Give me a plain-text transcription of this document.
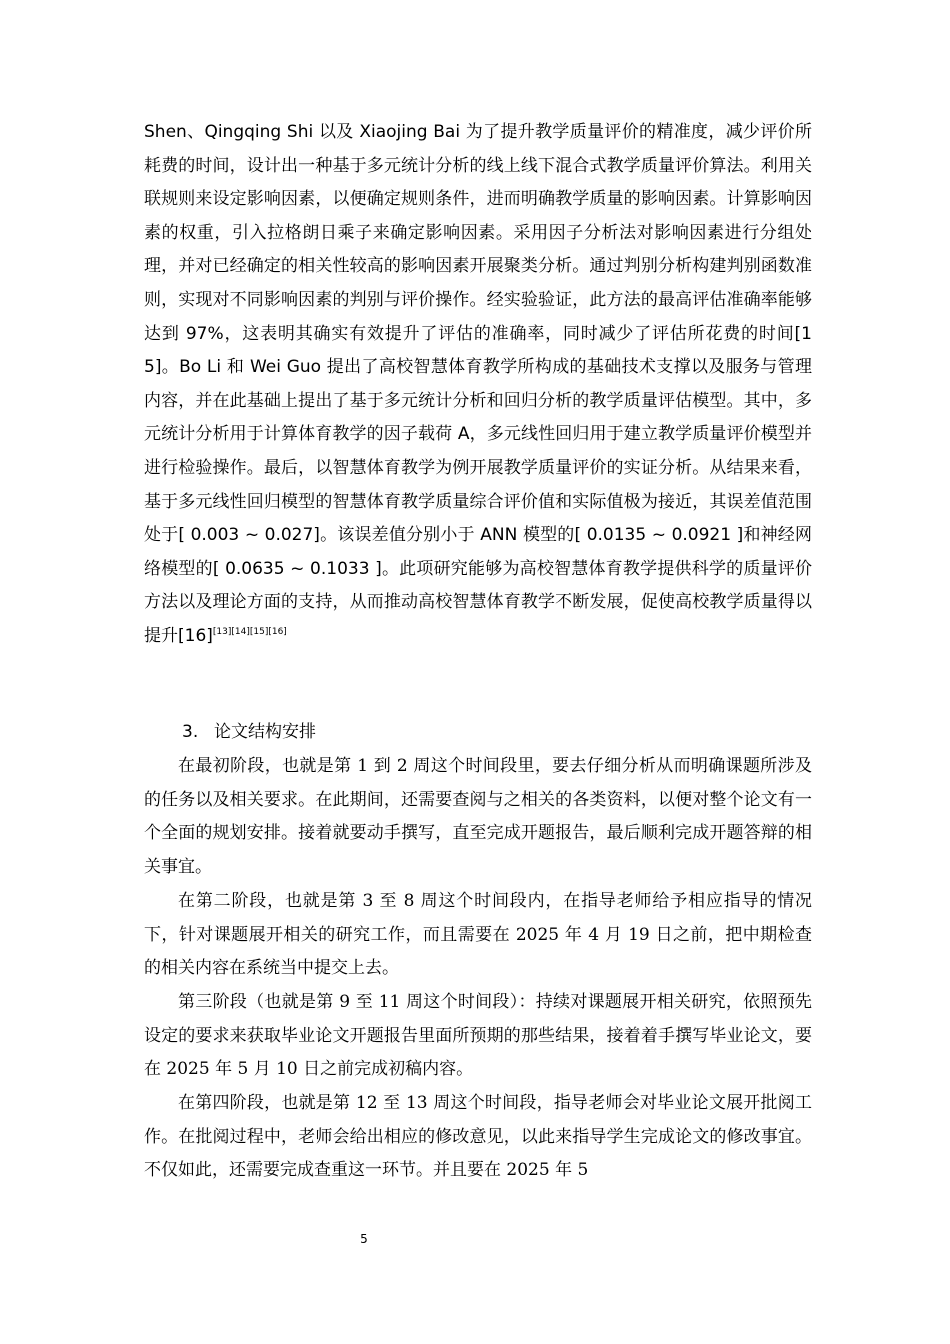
Shen、Qingqing Shi 以及 Xiaojing Bai 为了提升教学质量评价的精准度，减少评价所耗费的时间，设计出一种基于多元统计分析的线上线下混合式教学质量评价算法。利用关联规则来设定影响因素，以便确定规则条件，进而明确教学质量的影响因素。计算影响因素的权重，引入拉格朗日乘子来确定影响因素。采用因子分析法对影响因素进行分组处理，并对已经确定的相关性较高的影响因素开展聚类分析。通过判别分析构建判别函数准则，实现对不同影响因素的判别与评价操作。经实验验证，此方法的最高评估准确率能够达到 97%，这表明其确实有效提升了评估的准确率，同时减少了评估所花费的时间[15]。Bo Li 和 Wei Guo 提出了高校智慧体育教学所构成的基础技术支撑以及服务与管理内容，并在此基础上提出了基于多元统计分析和回归分析的教学质量评估模型。其中，多元统计分析用于计算体育教学的因子载荷 A，多元线性回归用于建立教学质量评价模型并进行检验操作。最后，以智慧体育教学为例开展教学质量评价的实证分析。从结果来看，基于多元线性回归模型的智慧体育教学质量综合评价值和实际值极为接近，其误差值范围处于[ 0.003 ~ 0.027]。该误差值分别小于 ANN 模型的[ 0.0135 ~ 0.0921 ]和神经网络模型的[ 0.0635 ~ 0.1033 ]。此项研究能够为高校智慧体育教学提供科学的质量评价方法以及理论方面的支持，从而推动高校智慧体育教学不断发展，促使高校教学质量得以提升[16][13][14][15][16]
3. 论文结构安排
在最初阶段，也就是第 1 到 2 周这个时间段里，要去仔细分析从而明确课题所涉及的任务以及相关要求。在此期间，还需要查阅与之相关的各类资料，以便对整个论文有一个全面的规划安排。接着就要动手撰写，直至完成开题报告，最后顺利完成开题答辩的相关事宜。
在第二阶段，也就是第 3 至 8 周这个时间段内，在指导老师给予相应指导的情况下，针对课题展开相关的研究工作，而且需要在 2025 年 4 月 19 日之前，把中期检查的相关内容在系统当中提交上去。
第三阶段（也就是第 9 至 11 周这个时间段）：持续对课题展开相关研究，依照预先设定的要求来获取毕业论文开题报告里面所预期的那些结果，接着着手撰写毕业论文，要在 2025 年 5 月 10 日之前完成初稿内容。
在第四阶段，也就是第 12 至 13 周这个时间段，指导老师会对毕业论文展开批阅工作。在批阅过程中，老师会给出相应的修改意见，以此来指导学生完成论文的修改事宜。不仅如此，还需要完成查重这一环节。并且要在 2025 年 5
5
